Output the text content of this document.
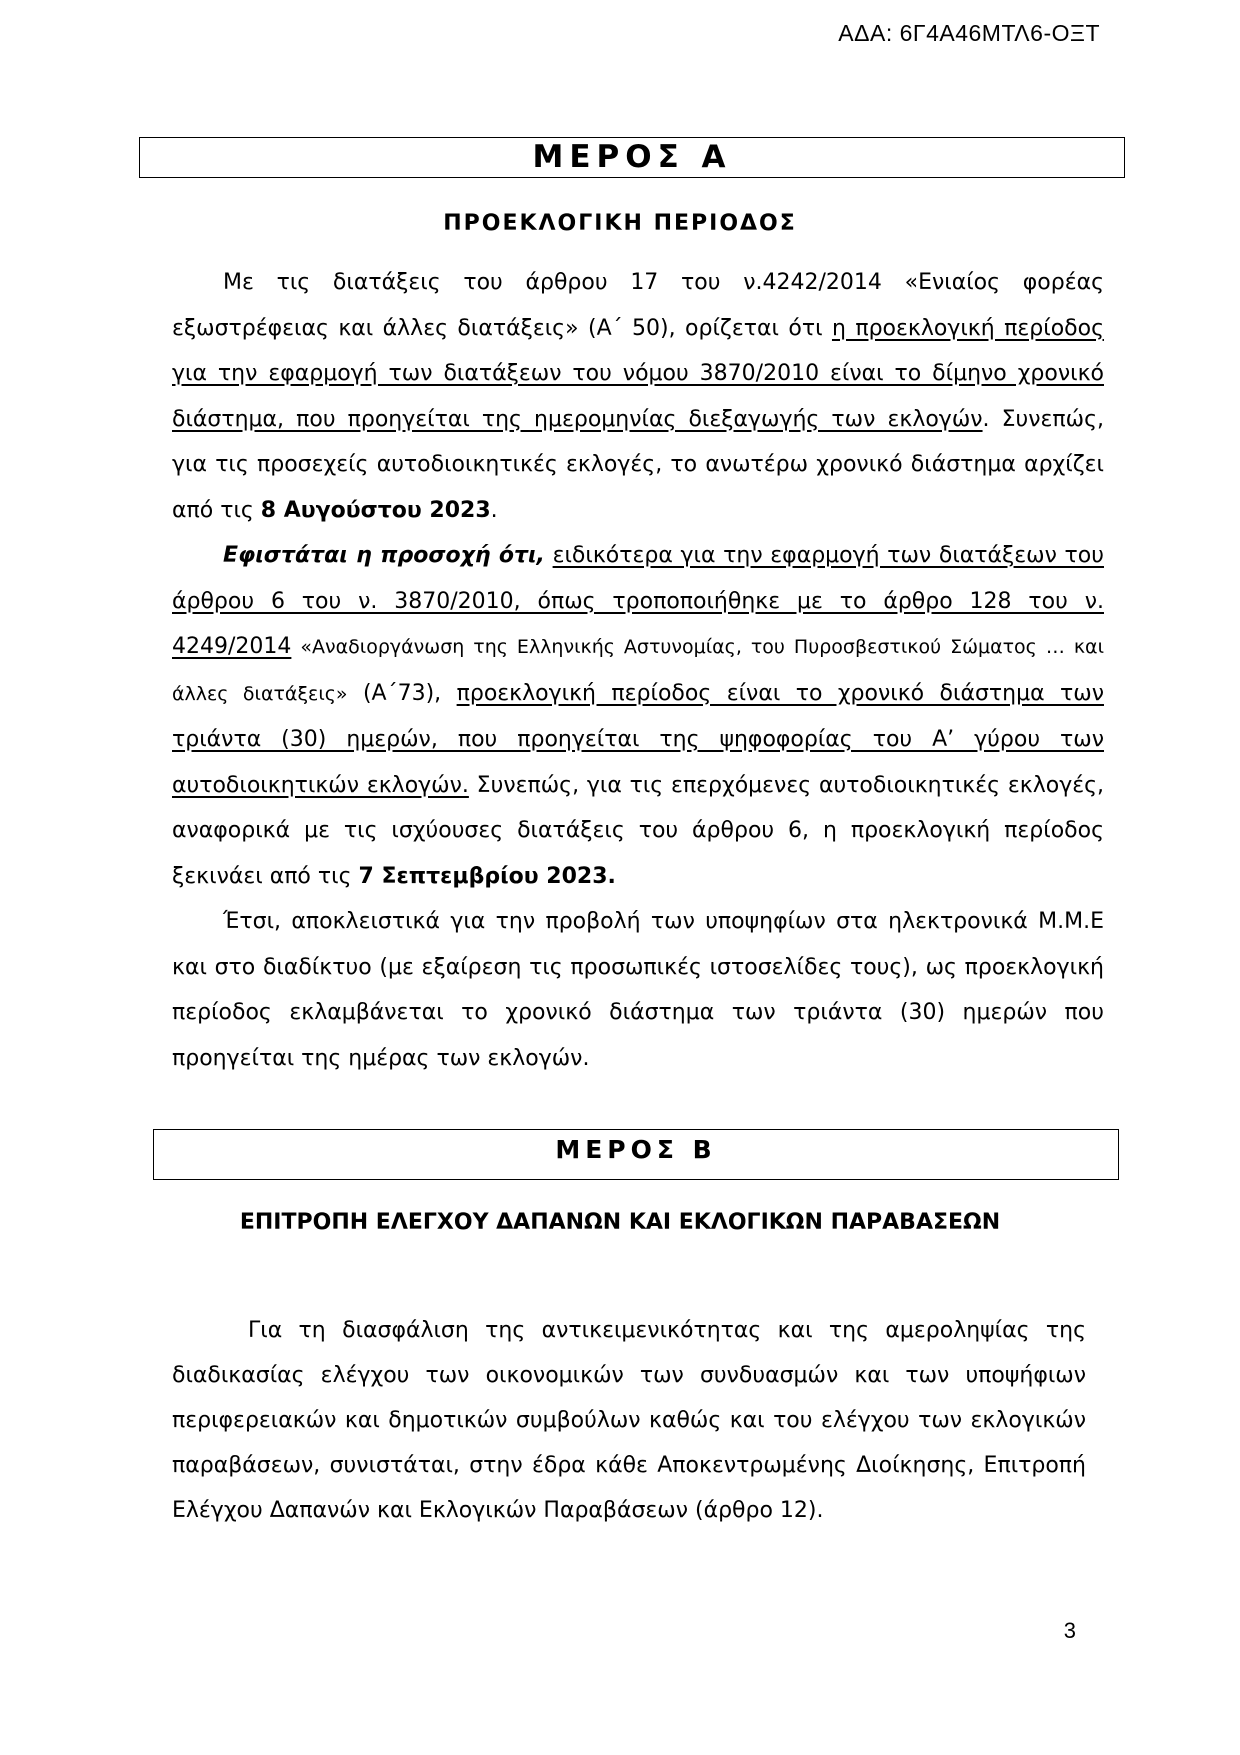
ΑΔΑ: 6Γ4Α46ΜΤΛ6-ΟΞΤ
ΜΕΡΟΣ Α
ΠΡΟΕΚΛΟΓΙΚΗ ΠΕΡΙΟΔΟΣ

Με τις διατάξεις του άρθρου 17 του ν.4242/2014 «Ενιαίος φορέας εξωστρέφειας και άλλες διατάξεις» (Α΄ 50), ορίζεται ότι η προεκλογική περίοδος για την εφαρμογή των διατάξεων του νόμου 3870/2010 είναι το δίμηνο χρονικό διάστημα, που προηγείται της ημερομηνίας διεξαγωγής των εκλογών. Συνεπώς, για τις προσεχείς αυτοδιοικητικές εκλογές, το ανωτέρω χρονικό διάστημα αρχίζει από τις 8 Αυγούστου 2023.

Εφιστάται η προσοχή ότι, ειδικότερα για την εφαρμογή των διατάξεων του άρθρου 6 του ν. 3870/2010, όπως τροποποιήθηκε με το άρθρο 128 του ν. 4249/2014 «Αναδιοργάνωση της Ελληνικής Αστυνομίας, του Πυροσβεστικού Σώματος … και άλλες διατάξεις» (Α΄73), προεκλογική περίοδος είναι το χρονικό διάστημα των τριάντα (30) ημερών, που προηγείται της ψηφοφορίας του Α’ γύρου των αυτοδιοικητικών εκλογών. Συνεπώς, για τις επερχόμενες αυτοδιοικητικές εκλογές, αναφορικά με τις ισχύουσες διατάξεις του άρθρου 6, η προεκλογική περίοδος ξεκινάει από τις 7 Σεπτεμβρίου 2023.

Έτσι, αποκλειστικά για την προβολή των υποψηφίων στα ηλεκτρονικά Μ.Μ.Ε και στο διαδίκτυο (με εξαίρεση τις προσωπικές ιστοσελίδες τους), ως προεκλογική περίοδος εκλαμβάνεται το χρονικό διάστημα των τριάντα (30) ημερών που προηγείται της ημέρας των εκλογών.

ΜΕΡΟΣ Β
ΕΠΙΤΡΟΠΗ ΕΛΕΓΧΟΥ ΔΑΠΑΝΩΝ ΚΑΙ ΕΚΛΟΓΙΚΩΝ ΠΑΡΑΒΑΣΕΩΝ

Για τη διασφάλιση της αντικειμενικότητας και της αμεροληψίας της διαδικασίας ελέγχου των οικονομικών των συνδυασμών και των υποψήφιων περιφερειακών και δημοτικών συμβούλων καθώς και του ελέγχου των εκλογικών παραβάσεων, συνιστάται, στην έδρα κάθε Αποκεντρωμένης Διοίκησης, Επιτροπή Ελέγχου Δαπανών και Εκλογικών Παραβάσεων (άρθρο 12).

3
